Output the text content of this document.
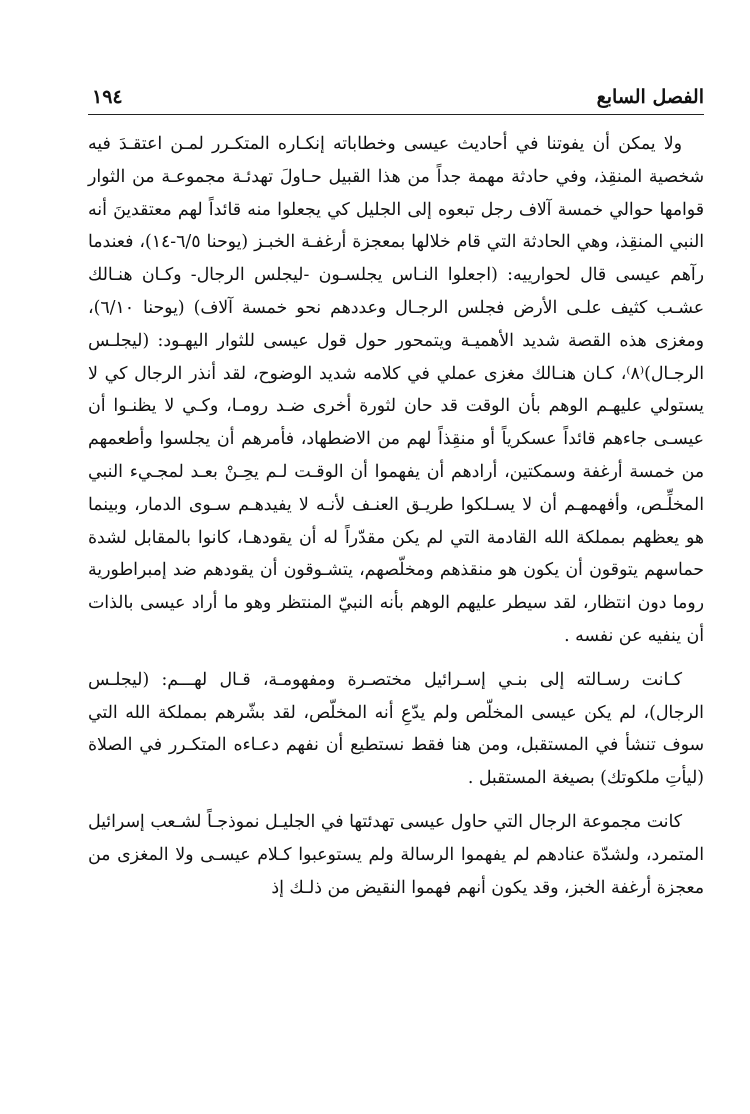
الفصل السابع
١٩٤

ولا يمكن أن يفوتنا في أحاديث عيسى وخطاباته إنكـاره المتكـرر لمـن اعتقـدَ فيه شخصية المنقِذ، وفي حادثة مهمة جداً من هذا القبيل حـاولَ تهدئـة مجموعـة من الثوار قوامها حوالي خمسة آلاف رجل تبعوه إلى الجليل كي يجعلوا منه قائداً لهم معتقدينَ أنه النبي المنقِذ، وهي الحادثة التي قام خلالها بمعجزة أرغفـة الخبـز (يوحنا ٦/٥-١٤)، فعندما رآهم عيسى قال لحوارييه: (اجعلوا النـاس يجلسـون -ليجلس الرجال- وكـان هنـالك عشـب كثيف علـى الأرض فجلس الرجـال وعددهم نحو خمسة آلاف) (يوحنا ٦/١٠)، ومغزى هذه القصة شديد الأهميـة ويتمحور حول قول عيسى للثوار اليهـود: (ليجلـس الرجـال)⁽٨⁾، كـان هنـالك مغزى عملي في كلامه شديد الوضوح، لقد أنذر الرجال كي لا يستولي عليهـم الوهم بأن الوقت قد حان لثورة أخرى ضـد رومـا، وكـي لا يظنـوا أن عيسـى جاءهم قائداً عسكرياً أو منقِذاً لهم من الاضطهاد، فأمرهم أن يجلسوا وأطعمهم من خمسة أرغفة وسمكتين، أرادهم أن يفهموا أن الوقـت لـم يحِـنْ بعـد لمجـيء النبي المخلِّـص، وأفهمهـم أن لا يسـلكوا طريـق العنـف لأنـه لا يفيدهـم سـوى الدمار، وبينما هو يعظهم بمملكة الله القادمة التي لم يكن مقدّراً له أن يقودهـا، كانوا بالمقابل لشدة حماسهم يتوقون أن يكون هو منقذهم ومخلّصهم، يتشـوقون أن يقودهم ضد إمبراطورية روما دون انتظار، لقد سيطر عليهم الوهم بأنه النبيّ المنتظر وهو ما أراد عيسى بالذات أن ينفيه عن نفسه .

كـانت رسـالته إلى بنـي إسـرائيل مختصـرة ومفهومـة، قـال لهـــم: (ليجلـس الرجال)، لم يكن عيسى المخلّص ولم يدّعِ أنه المخلّص، لقد بشّرهم بمملكة الله التي سوف تنشأ في المستقبل، ومن هنا فقط نستطيع أن نفهم دعـاءه المتكـرر في الصلاة (ليأتِ ملكوتك) بصيغة المستقبل .

كانت مجموعة الرجال التي حاول عيسى تهدئتها في الجليـل نموذجـاً لشـعب إسرائيل المتمرد، ولشدّة عنادهم لم يفهموا الرسالة ولم يستوعبوا كـلام عيسـى ولا المغزى من معجزة أرغفة الخبز، وقد يكون أنهم فهموا النقيض من ذلـك إذ
